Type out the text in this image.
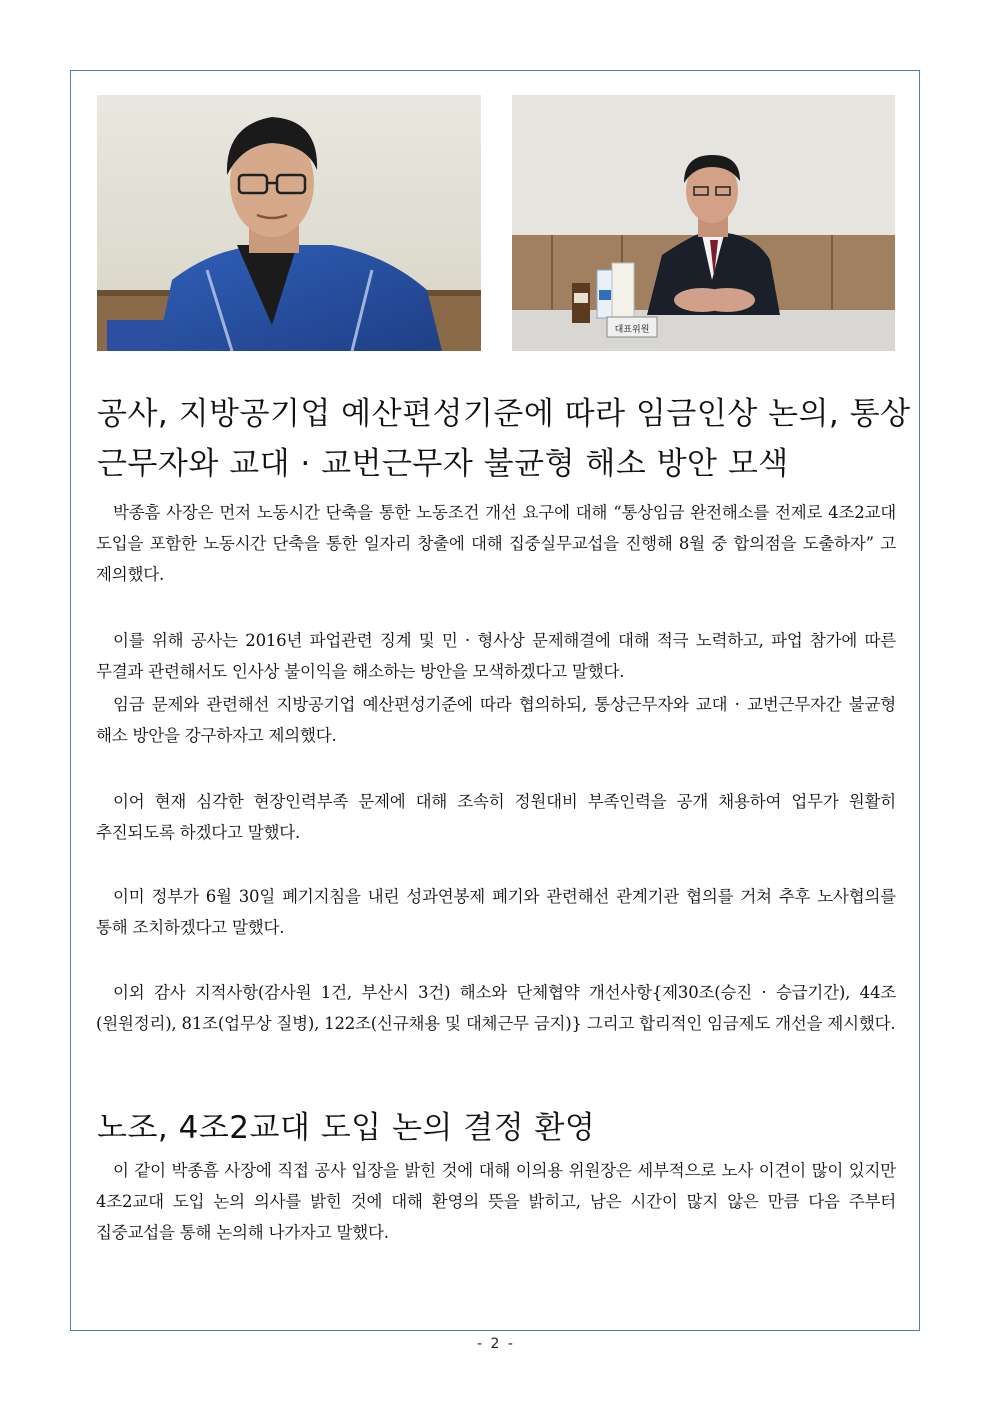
대표위원
공사, 지방공기업 예산편성기준에 따라 임금인상 논의, 통상근무자와 교대 · 교번근무자 불균형 해소 방안 모색

박종흠 사장은 먼저 노동시간 단축을 통한 노동조건 개선 요구에 대해 “통상임금 완전해소를 전제로 4조2교대 도입을 포함한 노동시간 단축을 통한 일자리 창출에 대해 집중실무교섭을 진행해 8월 중 합의점을 도출하자” 고 제의했다.

이를 위해 공사는 2016년 파업관련 징계 및 민 · 형사상 문제해결에 대해 적극 노력하고, 파업 참가에 따른 무결과 관련해서도 인사상 불이익을 해소하는 방안을 모색하겠다고 말했다.

임금 문제와 관련해선 지방공기업 예산편성기준에 따라 협의하되, 통상근무자와 교대 · 교번근무자간 불균형 해소 방안을 강구하자고 제의했다.

이어 현재 심각한 현장인력부족 문제에 대해 조속히 정원대비 부족인력을 공개 채용하여 업무가 원활히 추진되도록 하겠다고 말했다.

이미 정부가 6월 30일 폐기지침을 내린 성과연봉제 폐기와 관련해선 관계기관 협의를 거쳐 추후 노사협의를 통해 조치하겠다고 말했다.

이외 감사 지적사항(감사원 1건, 부산시 3건) 해소와 단체협약 개선사항{제30조(승진 · 승급기간), 44조(원원정리), 81조(업무상 질병), 122조(신규채용 및 대체근무 금지)} 그리고 합리적인 임금제도 개선을 제시했다.

노조, 4조2교대 도입 논의 결정 환영

이 같이 박종흠 사장에 직접 공사 입장을 밝힌 것에 대해 이의용 위원장은 세부적으로 노사 이견이 많이 있지만 4조2교대 도입 논의 의사를 밝힌 것에 대해 환영의 뜻을 밝히고, 남은 시간이 많지 않은 만큼 다음 주부터 집중교섭을 통해 논의해 나가자고 말했다.

- 2 -
